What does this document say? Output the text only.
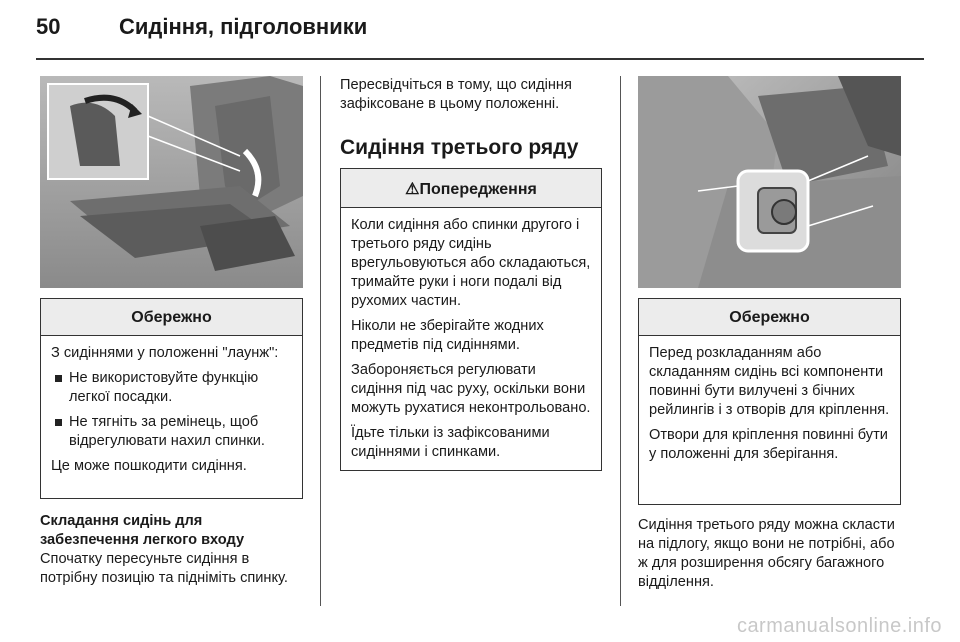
50	Сидіння, підголовники
Обережно

З сидіннями у положенні "лаунж":

Не використовуйте функцію легкої посадки.
Не тягніть за ремінець, щоб відрегулювати нахил спинки.

Це може пошкодити сидіння.

Складання сидінь для забезпечення легкого входу

Спочатку пересуньте сидіння в потрібну позицію та підніміть спинку.

Пересвідчіться в тому, що сидіння зафіксоване в цьому положенні.

Сидіння третього ряду
⚠Попередження

Коли сидіння або спинки другого і третього ряду сидінь врегульовуються або складаються, тримайте руки і ноги подалі від рухомих частин.

Ніколи не зберігайте жодних предметів під сидіннями.

Забороняється регулювати сидіння під час руху, оскільки вони можуть рухатися неконтрольовано.

Їдьте тільки із зафіксованими сидіннями і спинками.

Обережно

Перед розкладанням або складанням сидінь всі компоненти повинні бути вилучені з бічних рейлингів і з отворів для кріплення.

Отвори для кріплення повинні бути у положенні для зберігання.

Сидіння третього ряду можна скласти на підлогу, якщо вони не потрібні, або ж для розширення обсягу багажного відділення.

carmanualsonline.info
